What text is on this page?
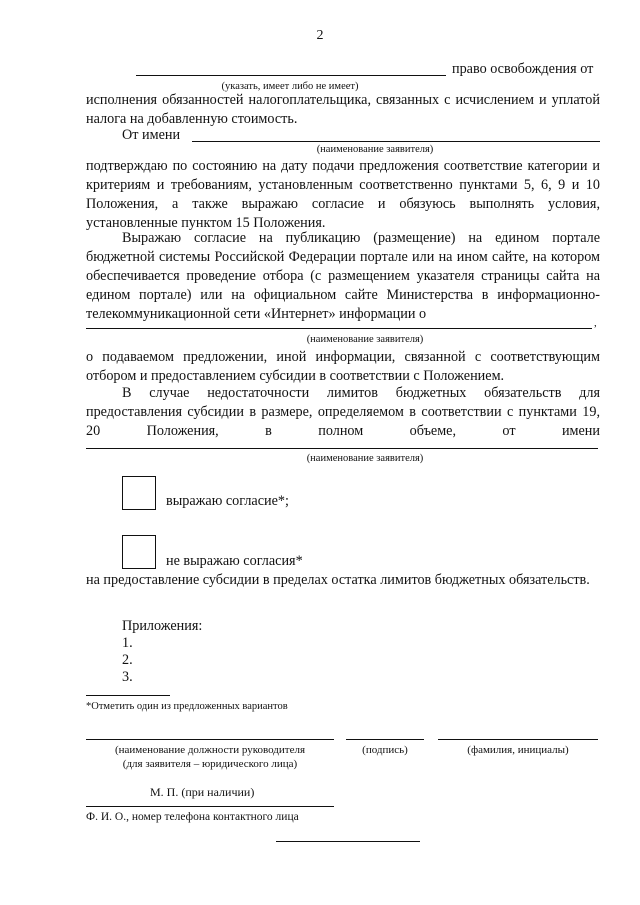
2
право освобождения от
(указать, имеет либо не имеет)
исполнения обязанностей налогоплательщика, связанных с исчислением и уплатой налога на добавленную стоимость.
От имени
(наименование заявителя)
подтверждаю по состоянию на дату подачи предложения соответствие категории и критериям и требованиям, установленным соответственно пунктами 5, 6, 9 и 10 Положения, а также выражаю согласие и обязуюсь выполнять условия, установленные пунктом 15 Положения.
Выражаю согласие на публикацию (размещение) на едином портале
бюджетной системы Российской Федерации портале или на ином сайте, на котором обеспечивается проведение отбора (с размещением указателя страницы сайта на едином портале) или на официальном сайте Министерства в информационно-телекоммуникационной сети «Интернет» информации о
,
(наименование заявителя)
о подаваемом предложении, иной информации, связанной с соответствующим отбором и предоставлением субсидии в соответствии с Положением.
В случае недостаточности лимитов бюджетных обязательств для
предоставления субсидии в размере, определяемом в соответствии с пунктами 19, 20 Положения, в полном объеме, от имени
(наименование заявителя)
выражаю согласие*;
не выражаю согласия*
на предоставление субсидии в пределах остатка лимитов бюджетных обязательств.
Приложения:
1.
2.
3.
*Отметить один из предложенных вариантов
(наименование должности руководителя
(для заявителя – юридического лица)
(подпись)	(фамилия, инициалы)
М. П. (при наличии)
Ф. И. О., номер телефона контактного лица
